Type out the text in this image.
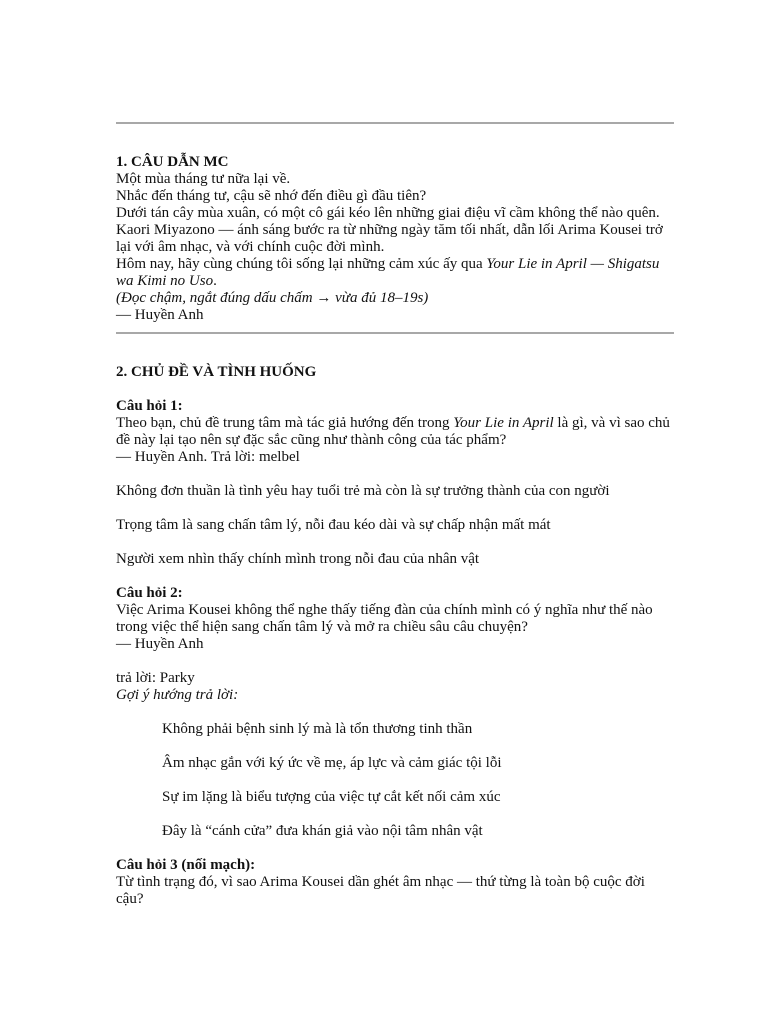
1. CÂU DẪN MC

Một mùa tháng tư nữa lại về.

Nhắc đến tháng tư, cậu sẽ nhớ đến điều gì đầu tiên?

Dưới tán cây mùa xuân, có một cô gái kéo lên những giai điệu vĩ cầm không thể nào quên.

Kaori Miyazono — ánh sáng bước ra từ những ngày tăm tối nhất, dẫn lối Arima Kousei trở lại với âm nhạc, và với chính cuộc đời mình.

Hôm nay, hãy cùng chúng tôi sống lại những cảm xúc ấy qua Your Lie in April — Shigatsu wa Kimi no Uso.

(Đọc chậm, ngắt đúng dấu chấm → vừa đủ 18–19s)

— Huyền Anh

2. CHỦ ĐỀ VÀ TÌNH HUỐNG

Câu hỏi 1:

Theo bạn, chủ đề trung tâm mà tác giả hướng đến trong Your Lie in April là gì, và vì sao chủ đề này lại tạo nên sự đặc sắc cũng như thành công của tác phẩm?

— Huyền Anh. Trả lời: melbel

Không đơn thuần là tình yêu hay tuổi trẻ mà còn là sự trưởng thành của con người

Trọng tâm là sang chấn tâm lý, nỗi đau kéo dài và sự chấp nhận mất mát

Người xem nhìn thấy chính mình trong nỗi đau của nhân vật

Câu hỏi 2:

Việc Arima Kousei không thể nghe thấy tiếng đàn của chính mình có ý nghĩa như thế nào trong việc thể hiện sang chấn tâm lý và mở ra chiều sâu câu chuyện?

— Huyền Anh

trả lời: Parky

Gợi ý hướng trả lời:

Không phải bệnh sinh lý mà là tổn thương tinh thần

Âm nhạc gắn với ký ức về mẹ, áp lực và cảm giác tội lỗi

Sự im lặng là biểu tượng của việc tự cắt kết nối cảm xúc

Đây là “cánh cửa” đưa khán giả vào nội tâm nhân vật

Câu hỏi 3 (nối mạch):

Từ tình trạng đó, vì sao Arima Kousei dần ghét âm nhạc — thứ từng là toàn bộ cuộc đời cậu?
